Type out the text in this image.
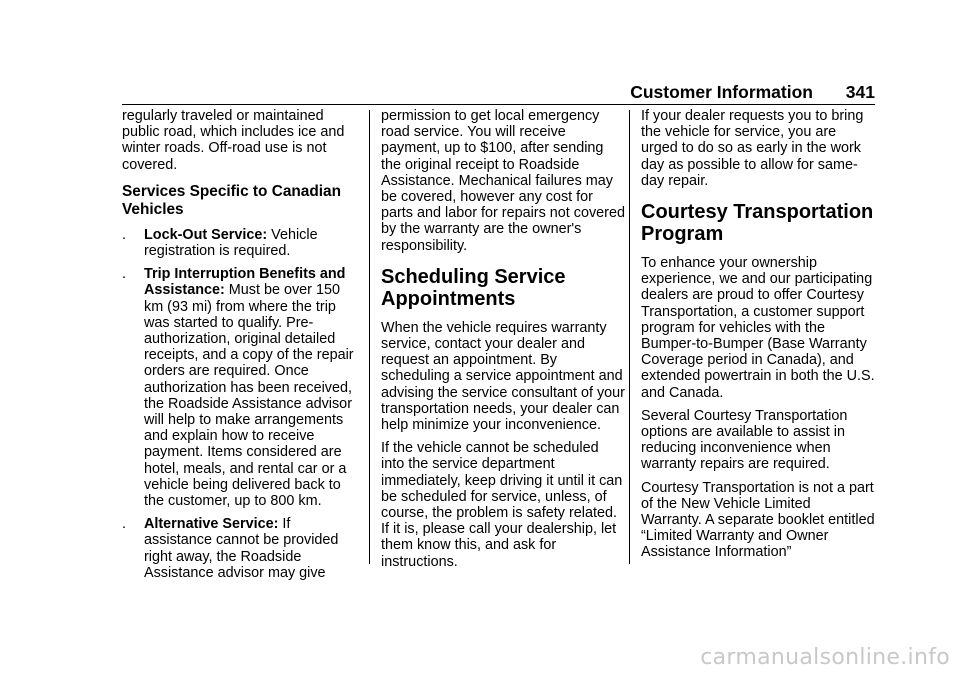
Customer Information 341

regularly traveled or maintained public road, which includes ice and winter roads. Off-road use is not covered.

Services Specific to Canadian Vehicles
. Lock-Out Service: Vehicle registration is required.
. Trip Interruption Benefits and Assistance: Must be over 150 km (93 mi) from where the trip was started to qualify. Pre-authorization, original detailed receipts, and a copy of the repair orders are required. Once authorization has been received, the Roadside Assistance advisor will help to make arrangements and explain how to receive payment. Items considered are hotel, meals, and rental car or a vehicle being delivered back to the customer, up to 800 km.
. Alternative Service: If assistance cannot be provided right away, the Roadside Assistance advisor may give

permission to get local emergency road service. You will receive payment, up to $100, after sending the original receipt to Roadside Assistance. Mechanical failures may be covered, however any cost for parts and labor for repairs not covered by the warranty are the owner's responsibility.

Scheduling Service Appointments

When the vehicle requires warranty service, contact your dealer and request an appointment. By scheduling a service appointment and advising the service consultant of your transportation needs, your dealer can help minimize your inconvenience.

If the vehicle cannot be scheduled into the service department immediately, keep driving it until it can be scheduled for service, unless, of course, the problem is safety related. If it is, please call your dealership, let them know this, and ask for instructions.

If your dealer requests you to bring the vehicle for service, you are urged to do so as early in the work day as possible to allow for same-day repair.

Courtesy Transportation Program

To enhance your ownership experience, we and our participating dealers are proud to offer Courtesy Transportation, a customer support program for vehicles with the Bumper-to-Bumper (Base Warranty Coverage period in Canada), and extended powertrain in both the U.S. and Canada.

Several Courtesy Transportation options are available to assist in reducing inconvenience when warranty repairs are required.

Courtesy Transportation is not a part of the New Vehicle Limited Warranty. A separate booklet entitled “Limited Warranty and Owner Assistance Information”

carmanualsonline.info
